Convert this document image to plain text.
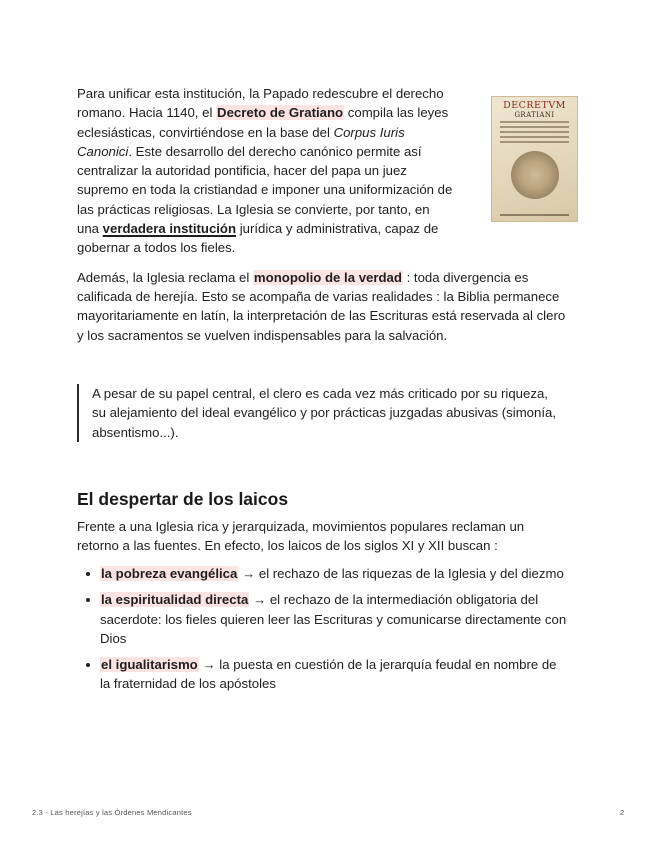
Para unificar esta institución, la Papado redescubre el derecho romano. Hacia 1140, el Decreto de Gratiano compila las leyes eclesiásticas, convirtiéndose en la base del Corpus Iuris Canonici. Este desarrollo del derecho canónico permite así centralizar la autoridad pontificia, hacer del papa un juez supremo en toda la cristiandad e imponer una uniformización de las prácticas religiosas. La Iglesia se convierte, por tanto, en una verdadera institución jurídica y administrativa, capaz de gobernar a todos los fieles.

Además, la Iglesia reclama el monopolio de la verdad : toda divergencia es calificada de herejía. Esto se acompaña de varias realidades : la Biblia permanece mayoritariamente en latín, la interpretación de las Escrituras está reservada al clero y los sacramentos se vuelven indispensables para la salvación.

DECRETVM
GRATIANI
A pesar de su papel central, el clero es cada vez más criticado por su riqueza, su alejamiento del ideal evangélico y por prácticas juzgadas abusivas (simonía, absentismo...).
El despertar de los laicos

Frente a una Iglesia rica y jerarquizada, movimientos populares reclaman un retorno a las fuentes. En efecto, los laicos de los siglos XI y XII buscan :

la pobreza evangélica → el rechazo de las riquezas de la Iglesia y del diezmo
la espiritualidad directa → el rechazo de la intermediación obligatoria del sacerdote: los fieles quieren leer las Escrituras y comunicarse directamente con Dios
el igualitarismo → la puesta en cuestión de la jerarquía feudal en nombre de la fraternidad de los apóstoles
2.3 - Las herejías y las Órdenes Mendicantes	2
